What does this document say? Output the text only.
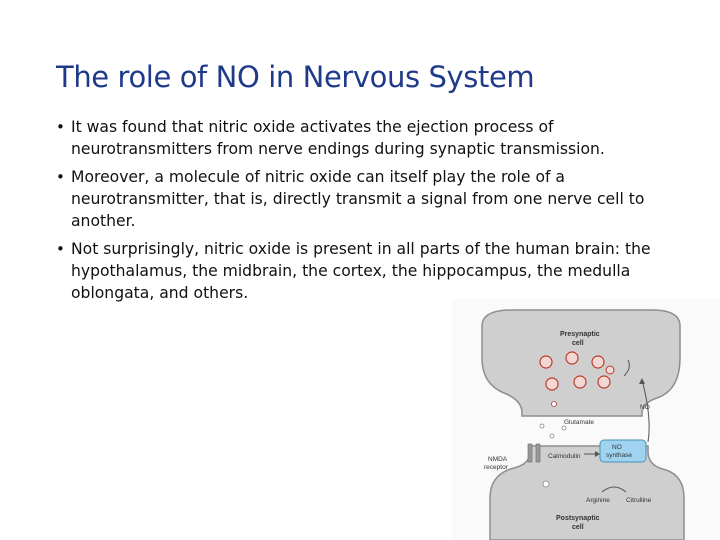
The role of NO in Nervous System
• It was found that nitric oxide activates the ejection process of neurotransmitters from nerve endings during synaptic transmission.
• Moreover, a molecule of nitric oxide can itself play the role of a neurotransmitter, that is, directly transmit a signal from one nerve cell to another.
• Not surprisingly, nitric oxide is present in all parts of the human brain: the hypothalamus, the midbrain, the cortex, the hippocampus, the medulla oblongata, and others.
Presynaptic
cell
Glutamate
NO
NMDA
receptor
Calmodulin
NO
synthase
Arginine Citrulline
Postsynaptic
cell
